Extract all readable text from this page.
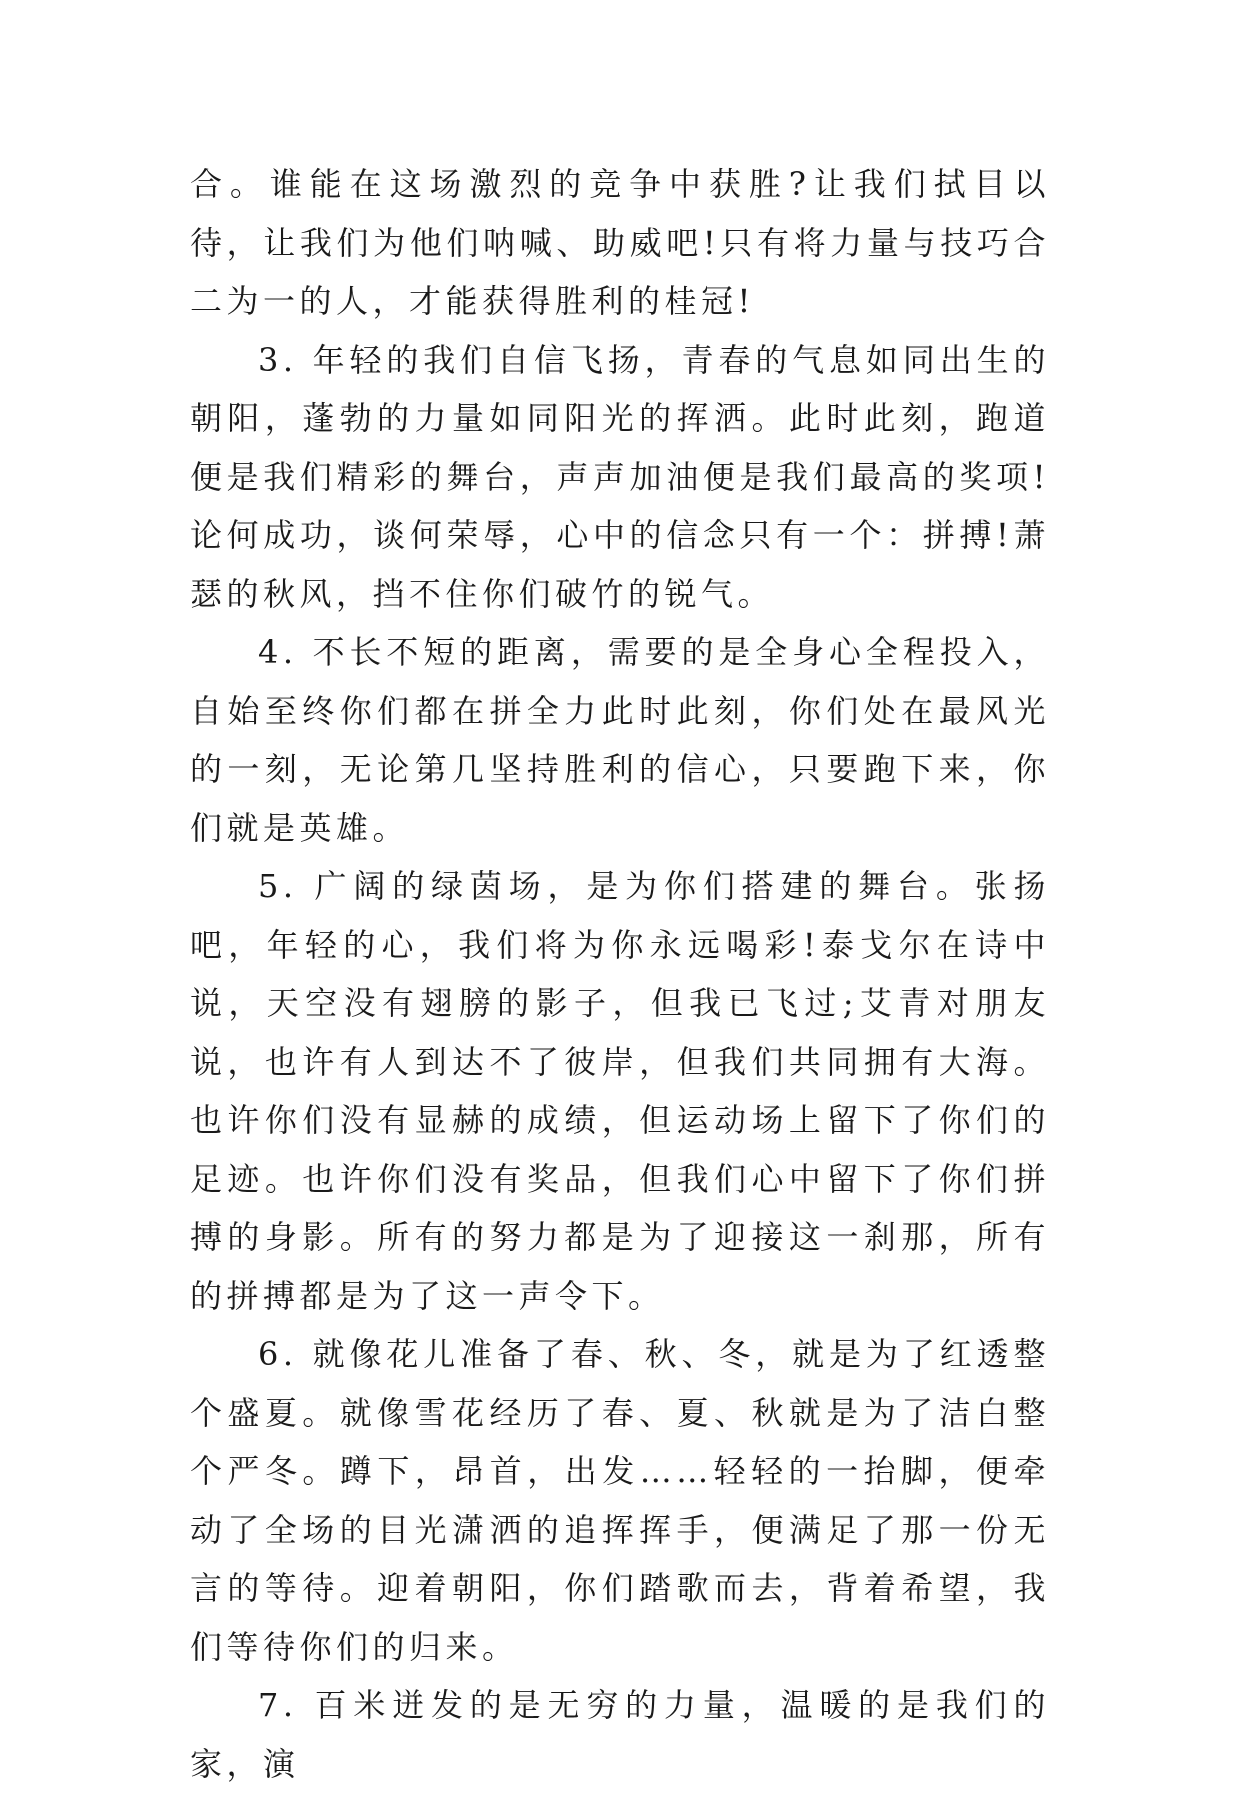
合。谁能在这场激烈的竞争中获胜?让我们拭目以待，让我们为他们呐喊、助威吧!只有将力量与技巧合二为一的人，才能获得胜利的桂冠!

3. 年轻的我们自信飞扬，青春的气息如同出生的朝阳，蓬勃的力量如同阳光的挥洒。此时此刻，跑道便是我们精彩的舞台，声声加油便是我们最高的奖项!论何成功，谈何荣辱，心中的信念只有一个：拼搏!萧瑟的秋风，挡不住你们破竹的锐气。

4. 不长不短的距离，需要的是全身心全程投入，自始至终你们都在拼全力此时此刻，你们处在最风光的一刻，无论第几坚持胜利的信心，只要跑下来，你们就是英雄。

5. 广阔的绿茵场，是为你们搭建的舞台。张扬吧，年轻的心，我们将为你永远喝彩!泰戈尔在诗中说，天空没有翅膀的影子，但我已飞过;艾青对朋友说，也许有人到达不了彼岸，但我们共同拥有大海。也许你们没有显赫的成绩，但运动场上留下了你们的足迹。也许你们没有奖品，但我们心中留下了你们拼搏的身影。所有的努力都是为了迎接这一刹那，所有的拼搏都是为了这一声令下。

6. 就像花儿准备了春、秋、冬，就是为了红透整个盛夏。就像雪花经历了春、夏、秋就是为了洁白整个严冬。蹲下，昂首，出发……轻轻的一抬脚，便牵动了全场的目光潇洒的追挥挥手，便满足了那一份无言的等待。迎着朝阳，你们踏歌而去，背着希望，我们等待你们的归来。

7. 百米迸发的是无穷的力量，温暖的是我们的家，演
